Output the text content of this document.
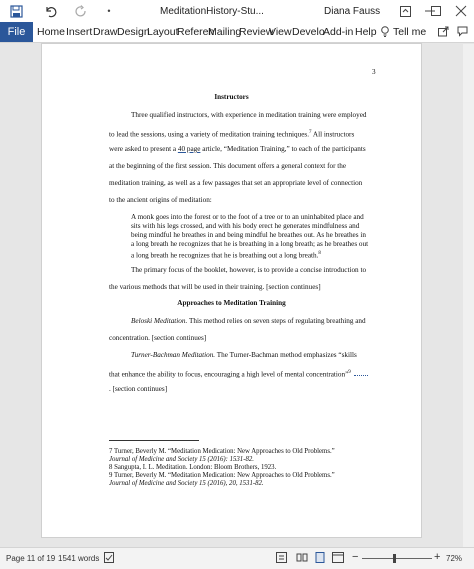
•	MeditationHistory-Stu...	Diana Fauss
File	Home Insert Draw Design
Layout
Referen
Mailing
Review
View Develo
Add-in Help Tell me
3
Instructors
Three qualified instructors, with experience in meditation training were employed
to lead the sessions, using a variety of meditation training techniques.$^7$ All instructors
were asked to present a 40 page article, “Meditation Training,” to each of the participants
at the beginning of the first session. This document offers a general context for the
meditation training, as well as a few passages that set an appropriate level of connection
to the ancient origins of meditation:
A monk goes into the forest or to the foot of a tree or to an uninhabited place and
sits with his legs crossed, and with his body erect he generates mindfulness and
being mindful he breathes in and being mindful he breathes out. As he breathes in
a long breath he recognizes that he is breathing in a long breath; as he breathes out
a long breath he recognizes that he is breathing out a long breath.$^8$
The primary focus of the booklet, however, is to provide a concise introduction to
the various methods that will be used in their training. [section continues]
Approaches to Meditation Training
Beloski Meditation. This method relies on seven steps of regulating breathing and
concentration. [section continues]
Turner-Bachman Meditation. The Turner-Bachman method emphasizes “skills
that enhance the ability to focus, encouraging a high level of mental concentration”$^9$
. [section continues]
7 Turner, Beverly M. “Meditation Medication: New Approaches to Old Problems.”
Journal of Medicine and Society 15 (2016): 1531-82.
8 Sangupta, I. L. Meditation. London: Bloom Brothers, 1923.
9 Turner, Beverly M. “Meditation Medication: New Approaches to Old Problems.”
Journal of Medicine and Society 15 (2016), 20, 1531-82.
Page 11 of 19 1541 words	−	+ 72%
